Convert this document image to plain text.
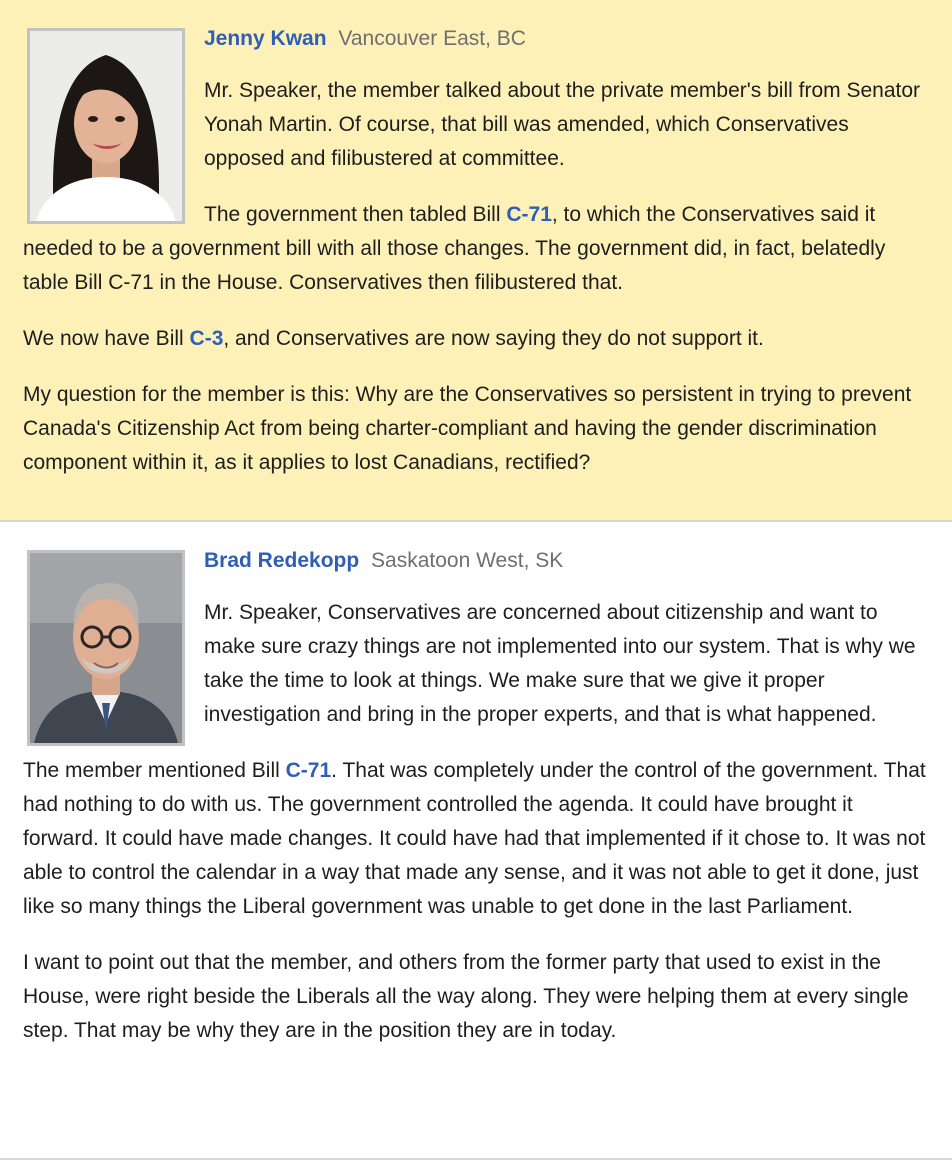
Jenny Kwan Vancouver East, BC

Mr. Speaker, the member talked about the private member's bill from Senator Yonah Martin. Of course, that bill was amended, which Conservatives opposed and filibustered at committee.

The government then tabled Bill C-71, to which the Conservatives said it needed to be a government bill with all those changes. The government did, in fact, belatedly table Bill C-71 in the House. Conservatives then filibustered that.

We now have Bill C-3, and Conservatives are now saying they do not support it.

My question for the member is this: Why are the Conservatives so persistent in trying to prevent Canada's Citizenship Act from being charter-compliant and having the gender discrimination component within it, as it applies to lost Canadians, rectified?

Brad Redekopp Saskatoon West, SK

Mr. Speaker, Conservatives are concerned about citizenship and want to make sure crazy things are not implemented into our system. That is why we take the time to look at things. We make sure that we give it proper investigation and bring in the proper experts, and that is what happened.

The member mentioned Bill C-71. That was completely under the control of the government. That had nothing to do with us. The government controlled the agenda. It could have brought it forward. It could have made changes. It could have had that implemented if it chose to. It was not able to control the calendar in a way that made any sense, and it was not able to get it done, just like so many things the Liberal government was unable to get done in the last Parliament.

I want to point out that the member, and others from the former party that used to exist in the House, were right beside the Liberals all the way along. They were helping them at every single step. That may be why they are in the position they are in today.
